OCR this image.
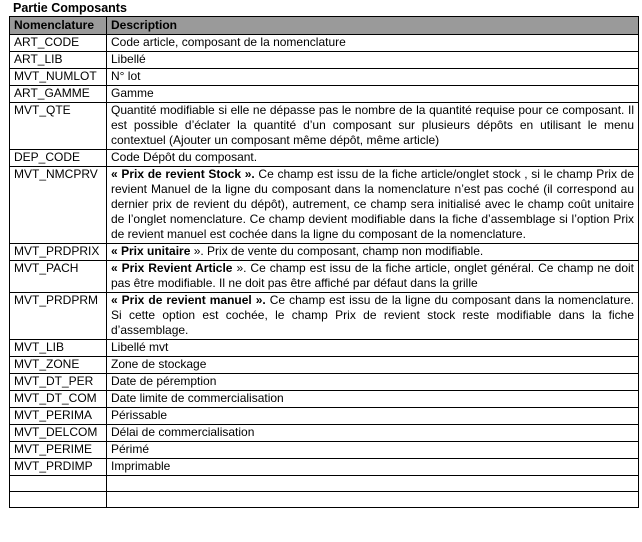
Partie Composants
Nomenclature	Description
ART_CODE	Code article, composant de la nomenclature
ART_LIB	Libellé
MVT_NUMLOT	N° lot
ART_GAMME	Gamme
MVT_QTE	Quantité modifiable si elle ne dépasse pas le nombre de la quantité requise pour ce composant. Il est possible d’éclater la quantité d’un composant sur plusieurs dépôts en utilisant le menu contextuel (Ajouter un composant même dépôt, même article)
DEP_CODE	Code Dépôt du composant.
MVT_NMCPRV	« Prix de revient Stock ». Ce champ est issu de la fiche article/onglet stock , si le champ Prix de revient Manuel de la ligne du composant dans la nomenclature n’est pas coché (il correspond au dernier prix de revient du dépôt), autrement, ce champ sera initialisé avec le champ coût unitaire de l’onglet nomenclature. Ce champ devient modifiable dans la fiche d’assemblage si l’option Prix de revient manuel est cochée dans la ligne du composant de la nomenclature.
MVT_PRDPRIX	« Prix unitaire ». Prix de vente du composant, champ non modifiable.
MVT_PACH	« Prix Revient Article ». Ce champ est issu de la fiche article, onglet général. Ce champ ne doit pas être modifiable. Il ne doit pas être affiché par défaut dans la grille
MVT_PRDPRM	« Prix de revient manuel ». Ce champ est issu de la ligne du composant dans la nomenclature. Si cette option est cochée, le champ Prix de revient stock reste modifiable dans la fiche d’assemblage.
MVT_LIB	Libellé mvt
MVT_ZONE	Zone de stockage
MVT_DT_PER	Date de péremption
MVT_DT_COM	Date limite de commercialisation
MVT_PERIMA	Périssable
MVT_DELCOM	Délai de commercialisation
MVT_PERIME	Périmé
MVT_PRDIMP	Imprimable
